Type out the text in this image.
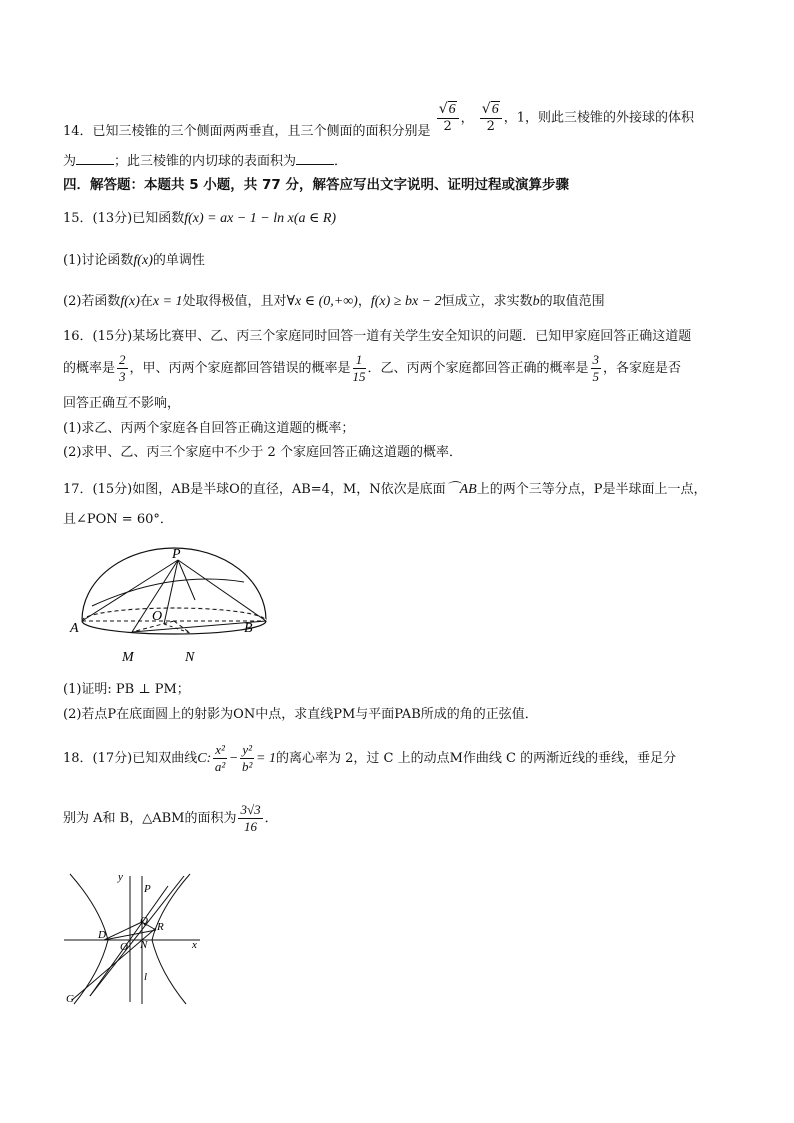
14．已知三棱锥的三个侧面两两垂直，且三个侧面的面积分别是 $\frac{√6}{2}$ ， $\frac{√6}{2}$ ，1，则此三棱锥的外接球的体积
为	；此三棱锥的内切球的表面积为	．
四．解答题：本题共 5 小题，共 77 分，解答应写出文字说明、证明过程或演算步骤
15．(13分)已知函数f(x) = ax − 1 − ln x(a ∈ R)
(1)讨论函数f(x)的单调性
(2)若函数f(x)在x = 1处取得极值，且对∀x ∈ (0,+∞)，f(x) ≥ bx − 2恒成立，求实数b的取值范围
16．(15分)某场比赛甲、乙、丙三个家庭同时回答一道有关学生安全知识的问题．已知甲家庭回答正确这道题
的概率是 $\frac{2}{3}$ ，甲、丙两个家庭都回答错误的概率是 $\frac{1}{15}$ ．乙、丙两个家庭都回答正确的概率是 $\frac{3}{5}$ ，各家庭是否
回答正确互不影响，
(1)求乙、丙两个家庭各自回答正确这道题的概率；
(2)求甲、乙、丙三个家庭中不少于 2 个家庭回答正确这道题的概率．
17．(15分)如图，AB是半球O的直径，AB=4，M，N依次是底面⌒AB上的两个三等分点，P是半球面上一点，
且∠PON = 60°．
P
O
A	B
M	N
(1)证明: PB ⊥ PM；
(2)若点P在底面圆上的射影为ON中点，求直线PM与平面PAB所成的角的正弦值．
18．(17分)已知双曲线C: $\frac{\text{x²}}{\text{a²}} - \frac{\text{y²}}{\text{b²}} = 1$的离心率为 2，过 C 上的动点M作曲线 C 的两渐近线的垂线，垂足分
别为 A和 B，△ABM的面积为 $\frac{3√3}{16}$ ．
y
P
Q R
D
O N	x
l
G
